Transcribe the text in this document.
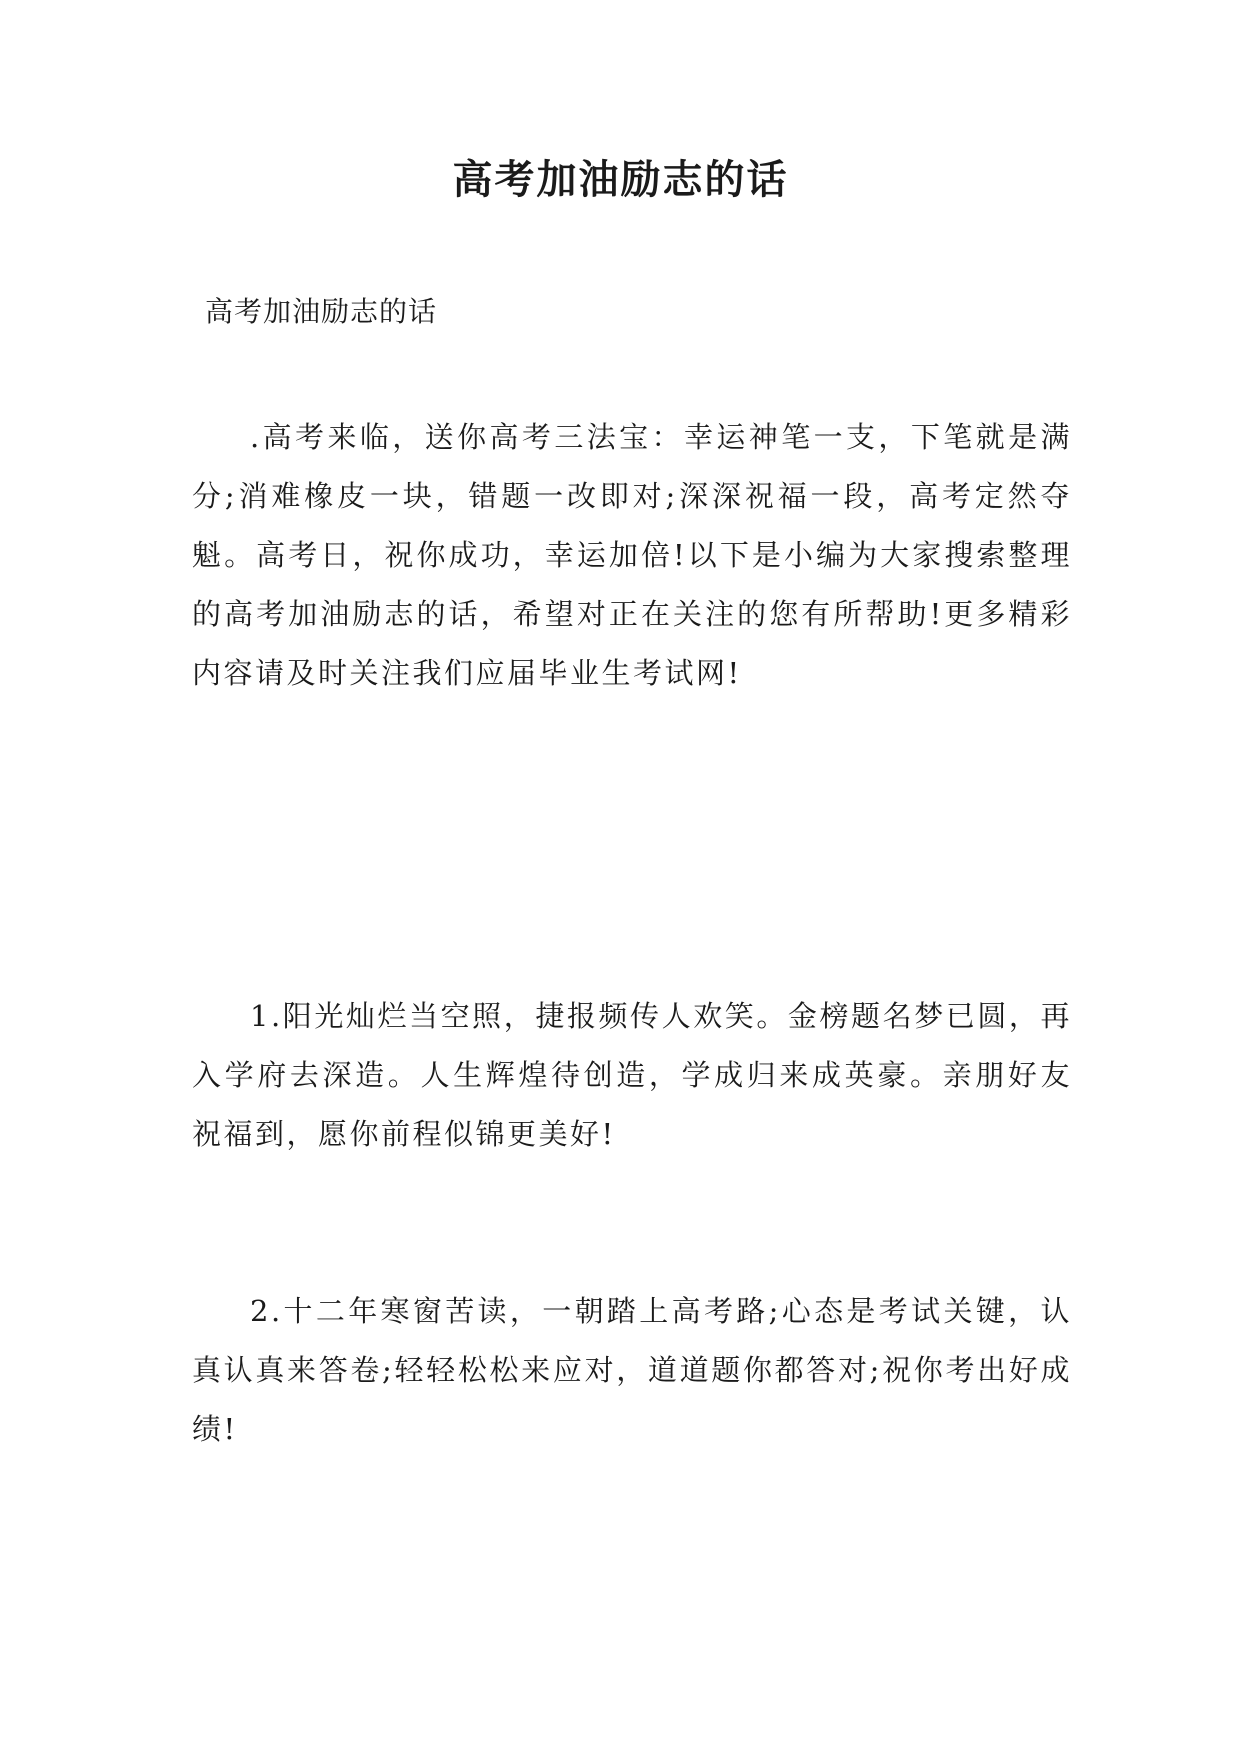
高考加油励志的话

高考加油励志的话

.高考来临，送你高考三法宝：幸运神笔一支，下笔就是满分;消难橡皮一块，错题一改即对;深深祝福一段，高考定然夺魁。高考日，祝你成功，幸运加倍!以下是小编为大家搜索整理的高考加油励志的话，希望对正在关注的您有所帮助!更多精彩内容请及时关注我们应届毕业生考试网!

1.阳光灿烂当空照，捷报频传人欢笑。金榜题名梦已圆，再入学府去深造。人生辉煌待创造，学成归来成英豪。亲朋好友祝福到，愿你前程似锦更美好!

2.十二年寒窗苦读，一朝踏上高考路;心态是考试关键，认真认真来答卷;轻轻松松来应对，道道题你都答对;祝你考出好成绩!
